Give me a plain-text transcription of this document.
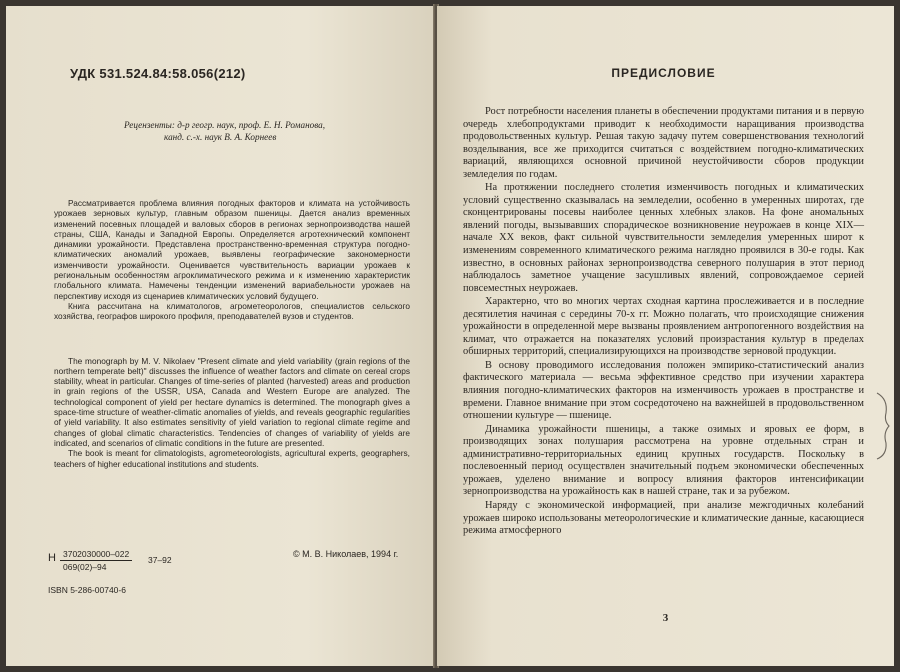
УДК 531.524.84:58.056(212)
Рецензенты: д-р геогр. наук, проф. Е. Н. Романова,
канд. с.-х. наук В. А. Корнеев

Рассматривается проблема влияния погодных факторов и климата на устойчивость урожаев зерновых культур, главным образом пшеницы. Дается анализ временных изменений посевных площадей и валовых сборов в регионах зернопроизводства нашей страны, США, Канады и Западной Европы. Определяется агротехнический компонент динамики урожайности. Представлена пространственно-временная структура погодно-климатических аномалий урожаев, выявлены географические закономерности изменчивости урожайности. Оценивается чувствительность вариации урожаев к региональным особенностям агроклиматического режима и к изменению характеристик глобального климата. Намечены тенденции изменений вариабельности урожаев на перспективу исходя из сценариев климатических условий будущего.

Книга рассчитана на климатологов, агрометеорологов, специалистов сельского хозяйства, географов широкого профиля, преподавателей вузов и студентов.

The monograph by M. V. Nikolaev "Present climate and yield variability (grain regions of the northern temperate belt)" discusses the influence of weather factors and climate on cereal crops stability, wheat in particular. Changes of time-series of planted (harvested) areas and production in grain regions of the USSR, USA, Canada and Western Europe are analyzed. The technological component of yield per hectare dynamics is determined. The monograph gives a space-time structure of weather-climatic anomalies of yields, and reveals geographic regularities of yield variability. It also estimates sensitivity of yield variation to regional climate regime and changes of global climatic characteristics. Tendencies of changes of variability of yields are indicated, and scenarios of climatic conditions in the future are presented.

The book is meant for climatologists, agrometeorologists, agricultural experts, geographers, teachers of higher educational institutions and students.

Н $\frac{3702030000-022}{069(02)-94} 37-92$
© М. В. Николаев, 1994 г.
ISBN 5-286-00740-6
ПРЕДИСЛОВИЕ

Рост потребности населения планеты в обеспечении продуктами питания и в первую очередь хлебопродуктами приводит к необходимости наращивания производства продовольственных культур. Решая такую задачу путем совершенствования технологий возделывания, все же приходится считаться с воздействием погодно-климатических вариаций, являющихся основной причиной неустойчивости сборов продукции земледелия по годам.

На протяжении последнего столетия изменчивость погодных и климатических условий существенно сказывалась на земледелии, особенно в умеренных широтах, где сконцентрированы посевы наиболее ценных хлебных злаков. На фоне аномальных явлений погоды, вызывавших спорадическое возникновение неурожаев в конце XIX—начале XX веков, факт сильной чувствительности земледелия умеренных широт к изменениям современного климатического режима наглядно проявился в 30-е годы. Как известно, в основных районах зернопроизводства северного полушария в этот период наблюдалось заметное учащение засушливых явлений, сопровождаемое серией повсеместных неурожаев.

Характерно, что во многих чертах сходная картина прослеживается и в последние десятилетия начиная с середины 70-х гг. Можно полагать, что происходящие снижения урожайности в определенной мере вызваны проявлением антропогенного воздействия на климат, что отражается на показателях условий произрастания культур в пределах обширных территорий, специализирующихся на производстве зерновой продукции.

В основу проводимого исследования положен эмпирико-статистический анализ фактического материала — весьма эффективное средство при изучении характера влияния погодно-климатических факторов на изменчивость урожаев в пространстве и времени. Главное внимание при этом сосредоточено на важнейшей в продовольственном отношении культуре — пшенице.

Динамика урожайности пшеницы, а также озимых и яровых ее форм, в производящих зонах полушария рассмотрена на уровне отдельных стран и административно-территориальных единиц крупных государств. Поскольку в послевоенный период осуществлен значительный подъем экономически обеспеченных урожаев, уделено внимание и вопросу влияния факторов интенсификации зернопроизводства на урожайность как в нашей стране, так и за рубежом.

Наряду с экономической информацией, при анализе межгодичных колебаний урожаев широко использованы метеорологические и климатические данные, касающиеся режима атмосферного

3
